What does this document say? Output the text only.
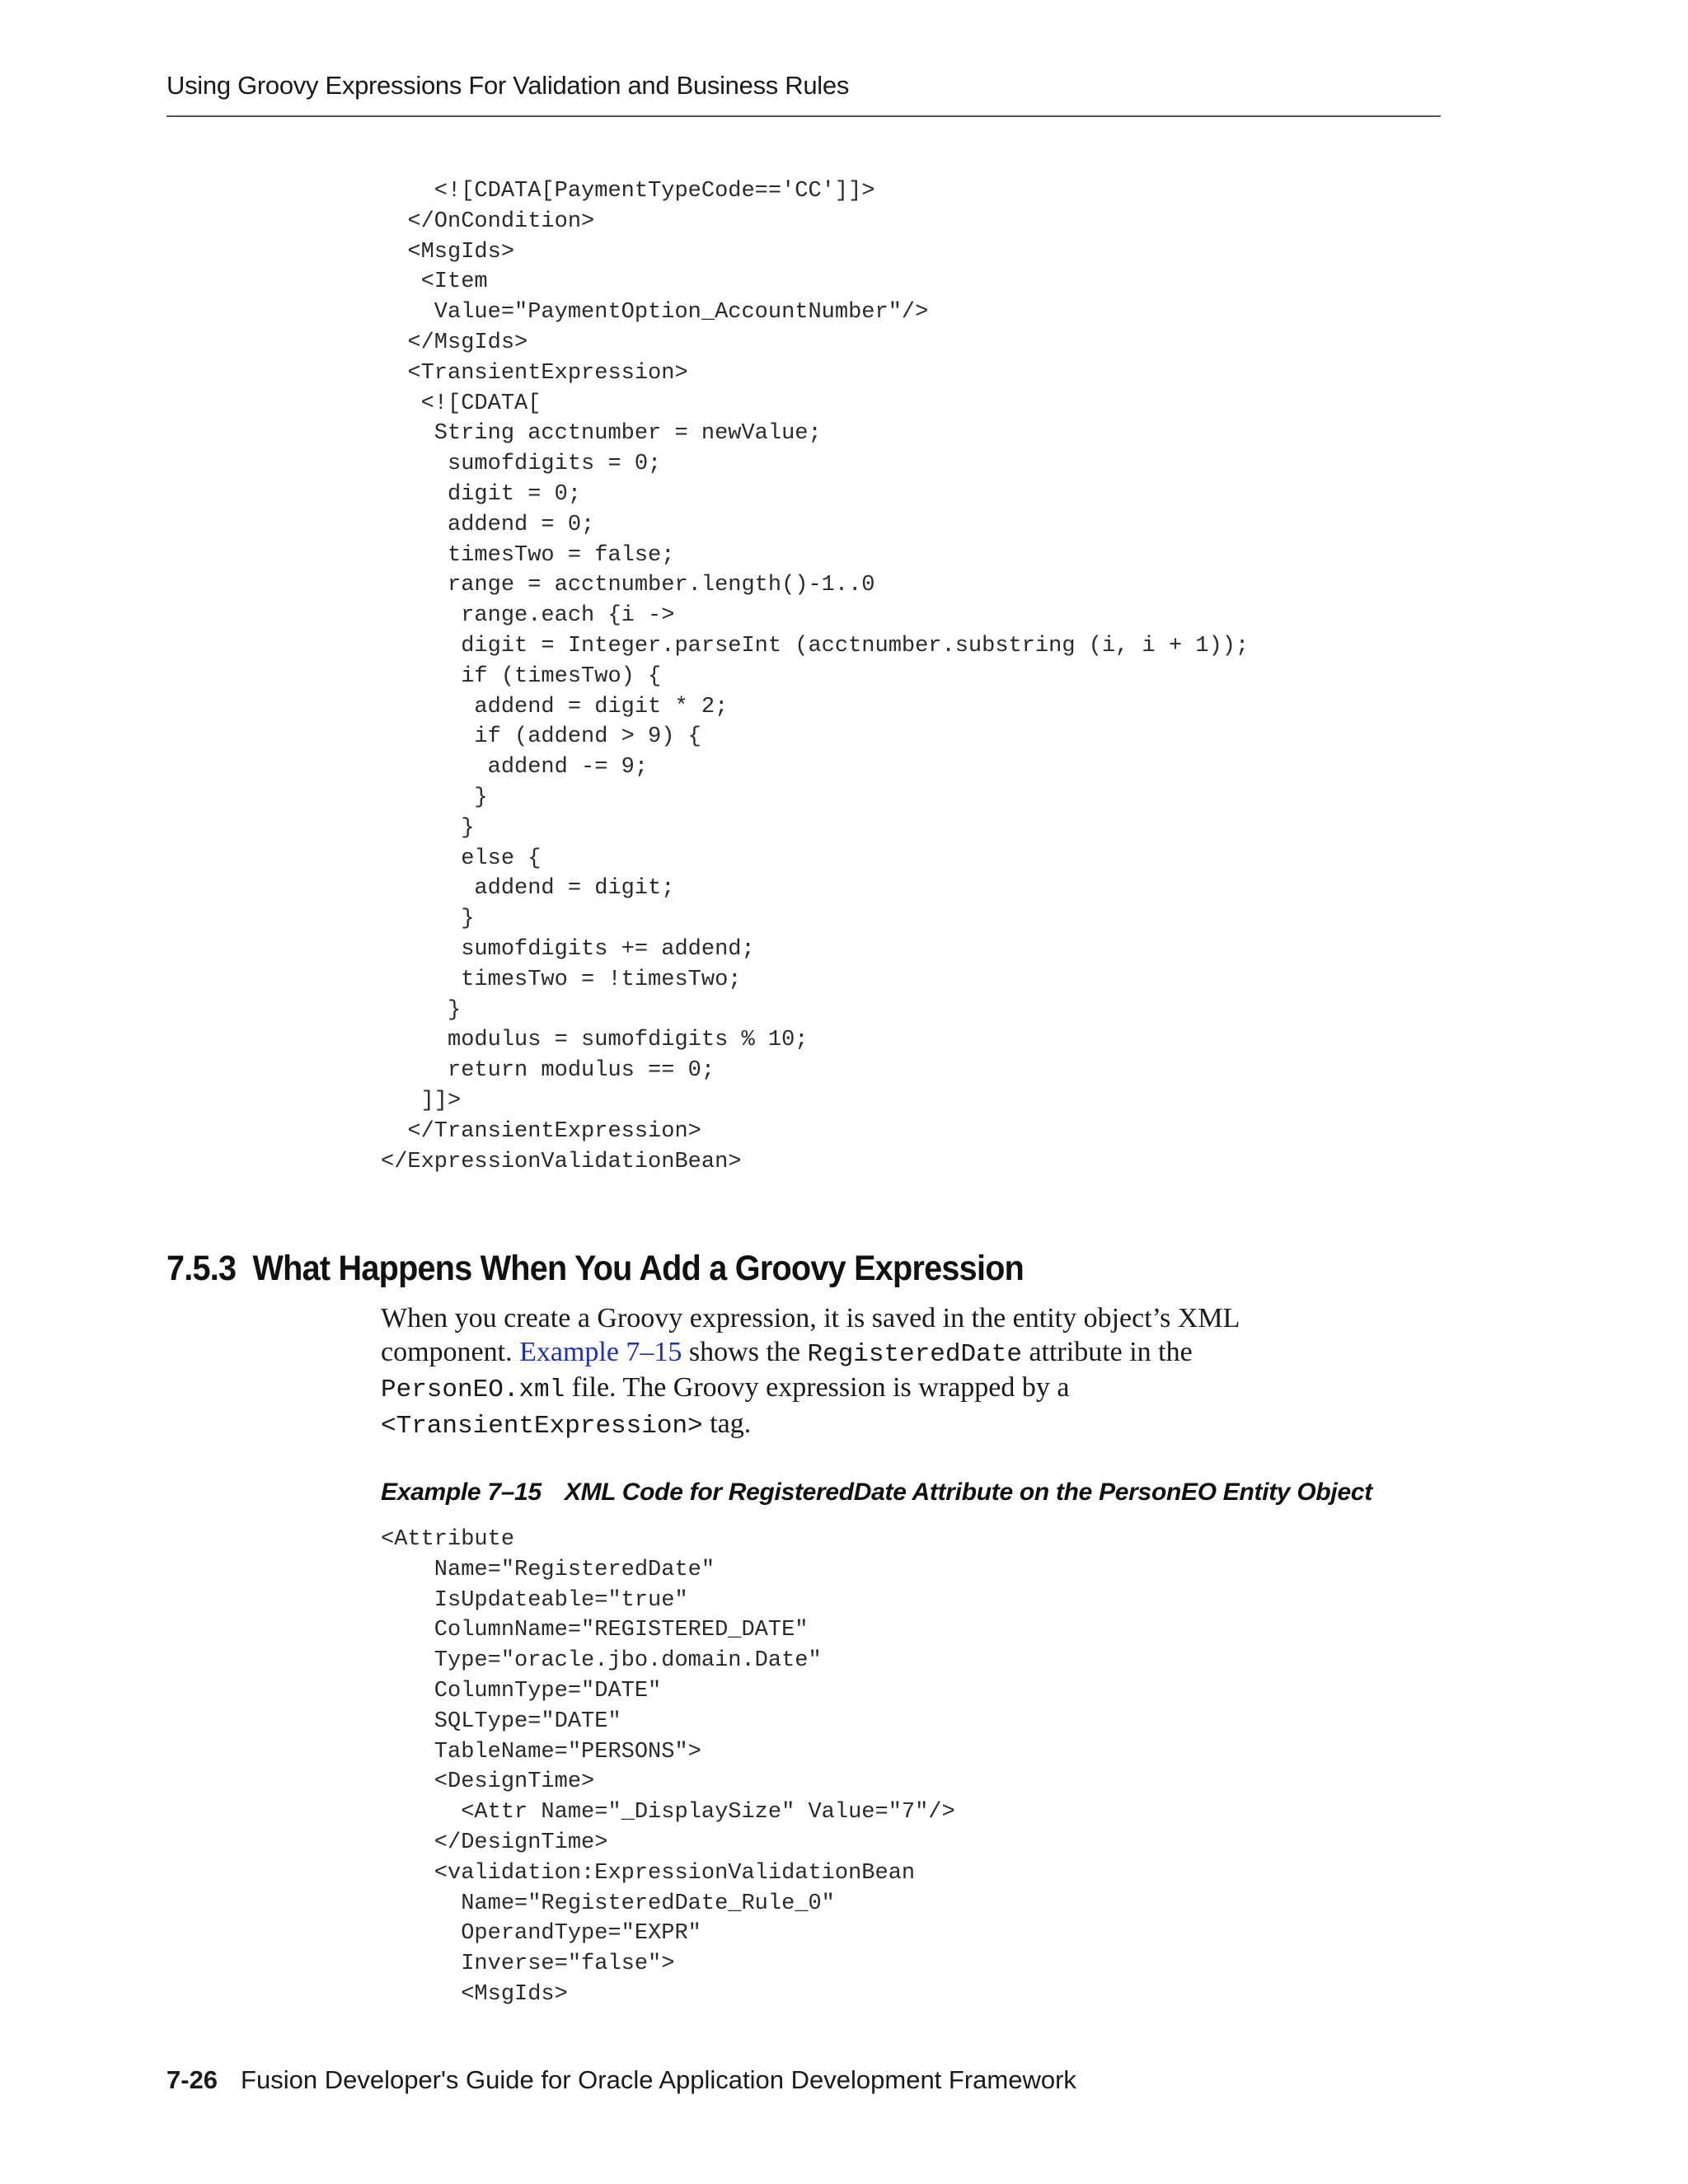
Using Groovy Expressions For Validation and Business Rules
<![CDATA[PaymentTypeCode=='CC']]>
</OnCondition>
<MsgIds>
<Item
Value="PaymentOption_AccountNumber"/>
</MsgIds>
<TransientExpression>
<![CDATA[
String acctnumber = newValue;
sumofdigits = 0;
digit = 0;
addend = 0;
timesTwo = false;
range = acctnumber.length()-1..0
range.each {i ->
digit = Integer.parseInt (acctnumber.substring (i, i + 1));
if (timesTwo) {
addend = digit * 2;
if (addend > 9) {
addend -= 9;
}
}
else {
addend = digit;
}
sumofdigits += addend;
timesTwo = !timesTwo;
}
modulus = sumofdigits % 10;
return modulus == 0;
]]>
</TransientExpression>
</ExpressionValidationBean>
7.5.3 What Happens When You Add a Groovy Expression

When you create a Groovy expression, it is saved in the entity object’s XML component. Example 7–15 shows the RegisteredDate attribute in the PersonEO.xml file. The Groovy expression is wrapped by a <TransientExpression> tag.

Example 7–15 XML Code for RegisteredDate Attribute on the PersonEO Entity Object
<Attribute
Name="RegisteredDate"
IsUpdateable="true"
ColumnName="REGISTERED_DATE"
Type="oracle.jbo.domain.Date"
ColumnType="DATE"
SQLType="DATE"
TableName="PERSONS">
<DesignTime>
<Attr Name="_DisplaySize" Value="7"/>
</DesignTime>
<validation:ExpressionValidationBean
Name="RegisteredDate_Rule_0"
OperandType="EXPR"
Inverse="false">
<MsgIds>
7-26 Fusion Developer's Guide for Oracle Application Development Framework
